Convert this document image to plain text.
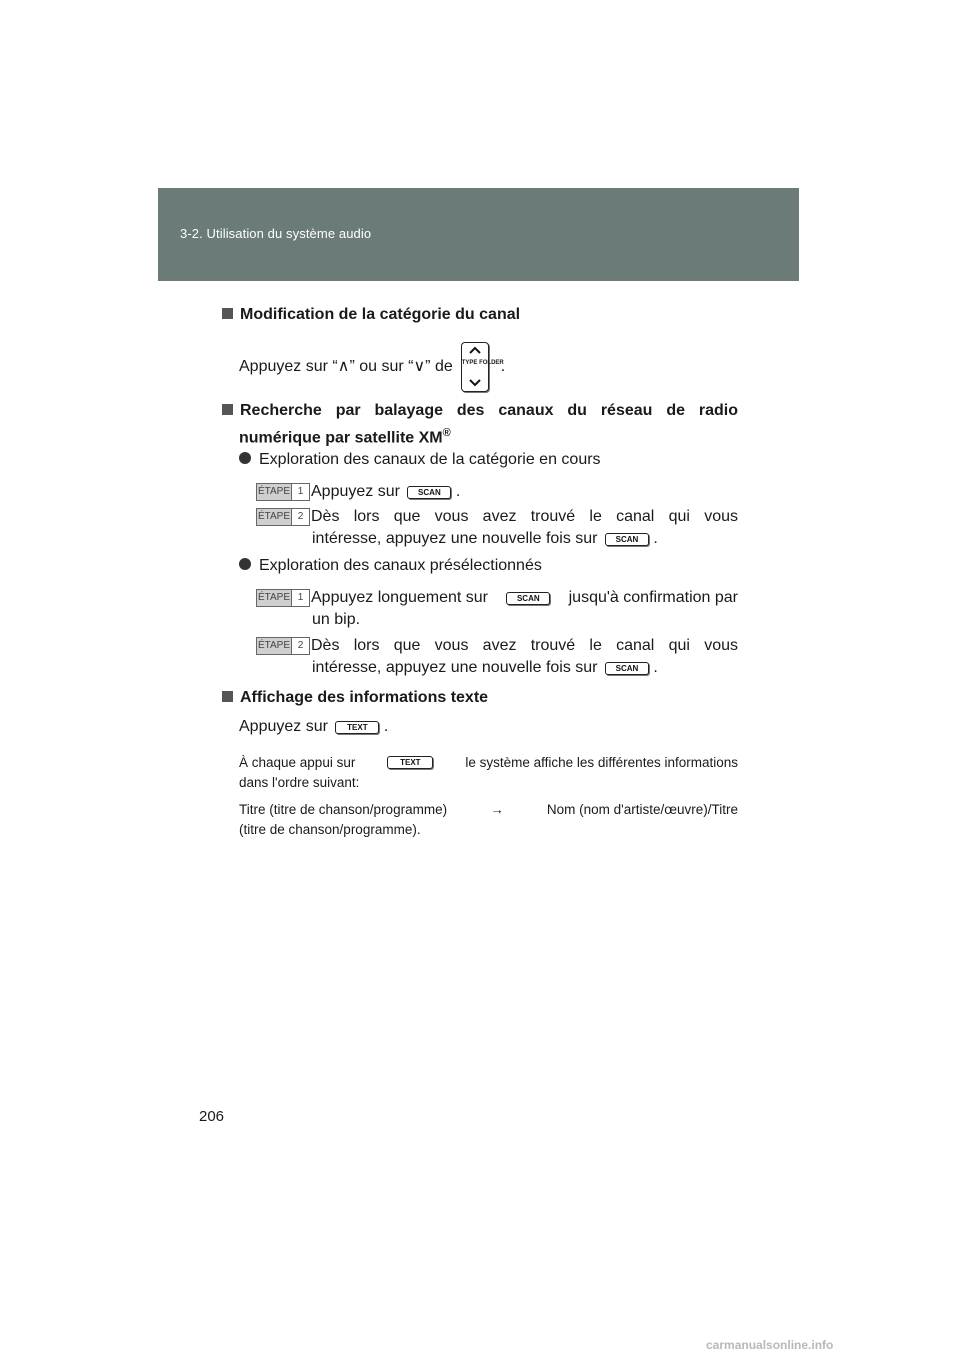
3-2. Utilisation du système audio
Modification de la catégorie du canal
Appuyez sur “ ∧ ” ou sur “ ∨ ” de TYPE FOLDER
.
Recherche par balayage des canaux du réseau de radio
numérique par satellite XM®
Exploration des canaux de la catégorie en cours
ÉTAPE 1 Appuyez sur SCAN .
ÉTAPE 2 Dès lors que vous avez trouvé le canal qui vous
intéresse, appuyez une nouvelle fois sur SCAN .
Exploration des canaux présélectionnés
ÉTAPE 1 Appuyez longuement sur	SCAN	jusqu'à confirmation par
un bip.
ÉTAPE 2 Dès lors que vous avez trouvé le canal qui vous
intéresse, appuyez une nouvelle fois sur SCAN .
Affichage des informations texte
Appuyez sur TEXT .
À chaque appui sur	TEXT	le système affiche les différentes informations
dans l'ordre suivant:
Titre (titre de chanson/programme)	→	Nom (nom d'artiste/œuvre)/Titre
(titre de chanson/programme).
206
carmanualsonline.info
